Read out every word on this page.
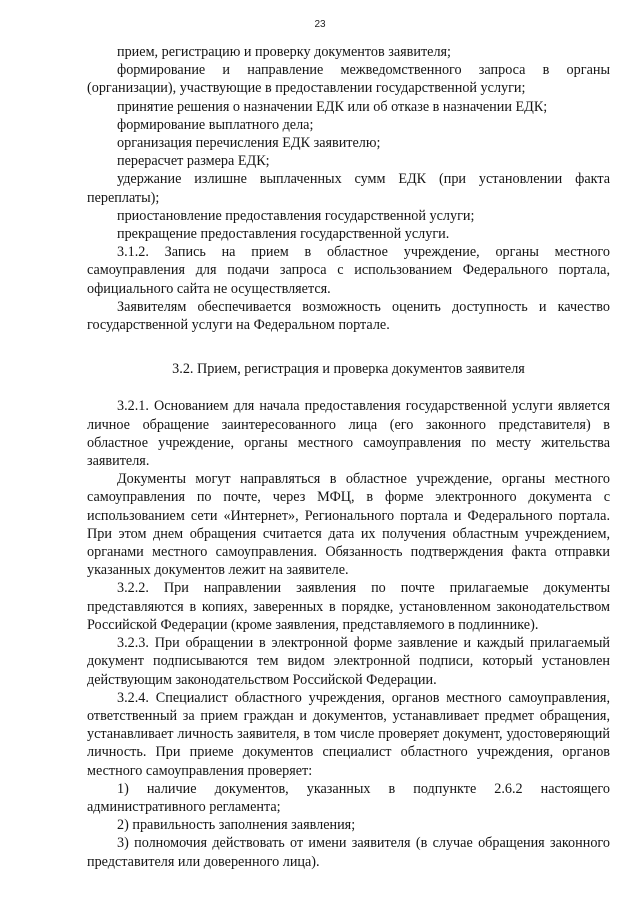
23

прием, регистрацию и проверку документов заявителя;

формирование и направление межведомственного запроса в органы (организации), участвующие в предоставлении государственной услуги;

принятие решения о назначении ЕДК или об отказе в назначении ЕДК;

формирование выплатного дела;

организация перечисления ЕДК заявителю;

перерасчет размера ЕДК;

удержание излишне выплаченных сумм ЕДК (при установлении факта переплаты);

приостановление предоставления государственной услуги;

прекращение предоставления государственной услуги.

3.1.2. Запись на прием в областное учреждение, органы местного самоуправления для подачи запроса с использованием Федерального портала, официального сайта не осуществляется.

Заявителям обеспечивается возможность оценить доступность и качество государственной услуги на Федеральном портале.

3.2. Прием, регистрация и проверка документов заявителя

3.2.1. Основанием для начала предоставления государственной услуги является личное обращение заинтересованного лица (его законного представителя) в областное учреждение, органы местного самоуправления по месту жительства заявителя.

Документы могут направляться в областное учреждение, органы местного самоуправления по почте, через МФЦ, в форме электронного документа с использованием сети «Интернет», Регионального портала и Федерального портала. При этом днем обращения считается дата их получения областным учреждением, органами местного самоуправления. Обязанность подтверждения факта отправки указанных документов лежит на заявителе.

3.2.2. При направлении заявления по почте прилагаемые документы представляются в копиях, заверенных в порядке, установленном законодательством Российской Федерации (кроме заявления, представляемого в подлиннике).

3.2.3. При обращении в электронной форме заявление и каждый прилагаемый документ подписываются тем видом электронной подписи, который установлен действующим законодательством Российской Федерации.

3.2.4. Специалист областного учреждения, органов местного самоуправления, ответственный за прием граждан и документов, устанавливает предмет обращения, устанавливает личность заявителя, в том числе проверяет документ, удостоверяющий личность. При приеме документов специалист областного учреждения, органов местного самоуправления проверяет:

1) наличие документов, указанных в подпункте 2.6.2 настоящего административного регламента;

2) правильность заполнения заявления;

3) полномочия действовать от имени заявителя (в случае обращения законного представителя или доверенного лица).
